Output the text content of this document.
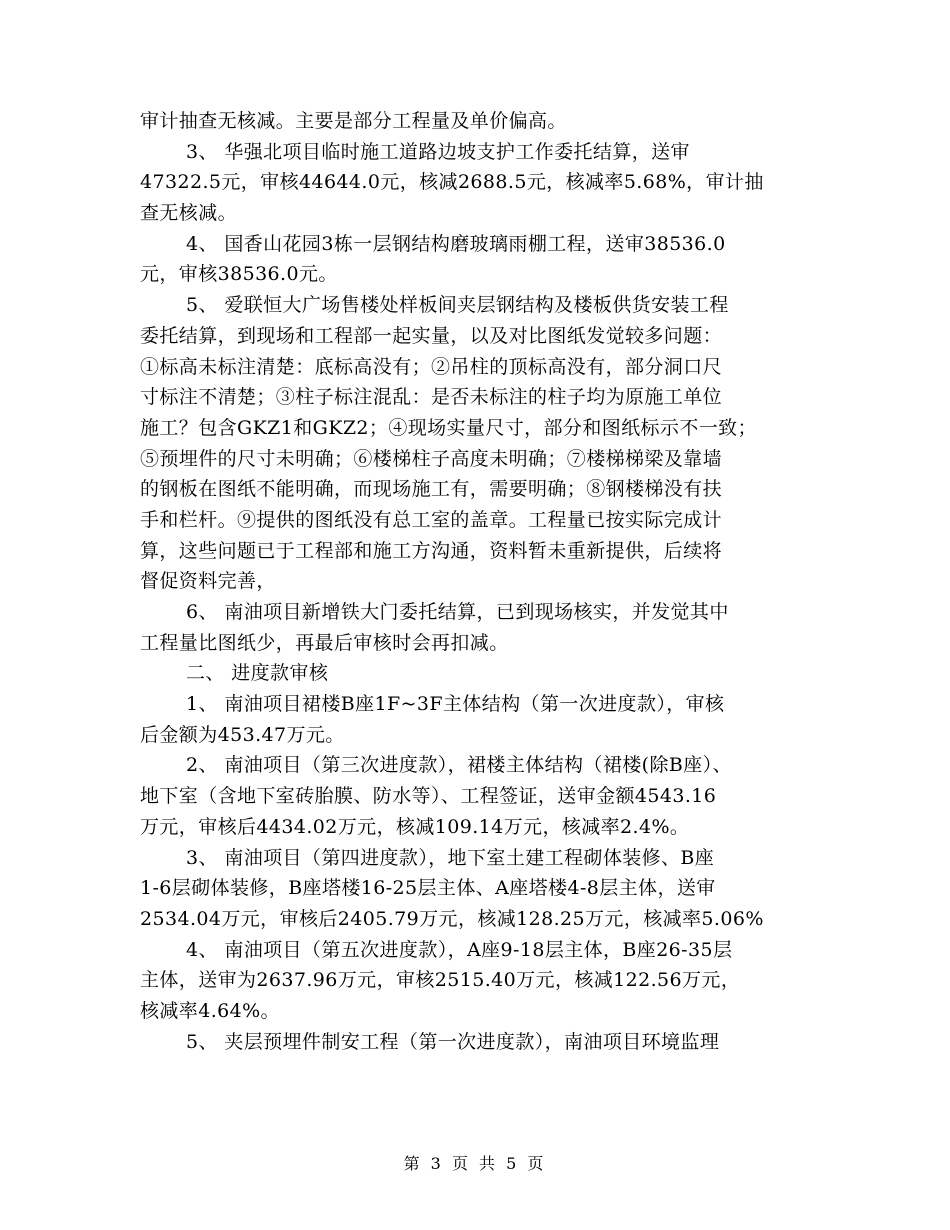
审计抽查无核减。主要是部分工程量及单价偏高。
3、 华强北项目临时施工道路边坡支护工作委托结算，送审
47322.5元，审核44644.0元，核减2688.5元，核减率5.68%，审计抽
查无核减。
4、 国香山花园3栋一层钢结构磨玻璃雨棚工程，送审38536.0
元，审核38536.0元。
5、 爱联恒大广场售楼处样板间夹层钢结构及楼板供货安装工程
委托结算，到现场和工程部一起实量，以及对比图纸发觉较多问题：
①标高未标注清楚：底标高没有；②吊柱的顶标高没有，部分洞口尺
寸标注不清楚；③柱子标注混乱：是否未标注的柱子均为原施工单位
施工？包含GKZ1和GKZ2；④现场实量尺寸，部分和图纸标示不一致；
⑤预埋件的尺寸未明确；⑥楼梯柱子高度未明确；⑦楼梯梯梁及靠墙
的钢板在图纸不能明确，而现场施工有，需要明确；⑧钢楼梯没有扶
手和栏杆。⑨提供的图纸没有总工室的盖章。工程量已按实际完成计
算，这些问题已于工程部和施工方沟通，资料暂未重新提供，后续将
督促资料完善，
6、 南油项目新增铁大门委托结算，已到现场核实，并发觉其中
工程量比图纸少，再最后审核时会再扣减。
二、 进度款审核
1、 南油项目裙楼B座1F~3F主体结构（第一次进度款），审核
后金额为453.47万元。
2、 南油项目（第三次进度款），裙楼主体结构（裙楼(除B座）、
地下室（含地下室砖胎膜、防水等）、工程签证，送审金额4543.16
万元，审核后4434.02万元，核减109.14万元，核减率2.4%。
3、 南油项目（第四进度款），地下室土建工程砌体装修、B座
1-6层砌体装修，B座塔楼16-25层主体、A座塔楼4-8层主体，送审
2534.04万元，审核后2405.79万元，核减128.25万元，核减率5.06%
4、 南油项目（第五次进度款），A座9-18层主体，B座26-35层
主体，送审为2637.96万元，审核2515.40万元，核减122.56万元，
核减率4.64%。
5、 夹层预埋件制安工程（第一次进度款），南油项目环境监理
第 3 页 共 5 页
